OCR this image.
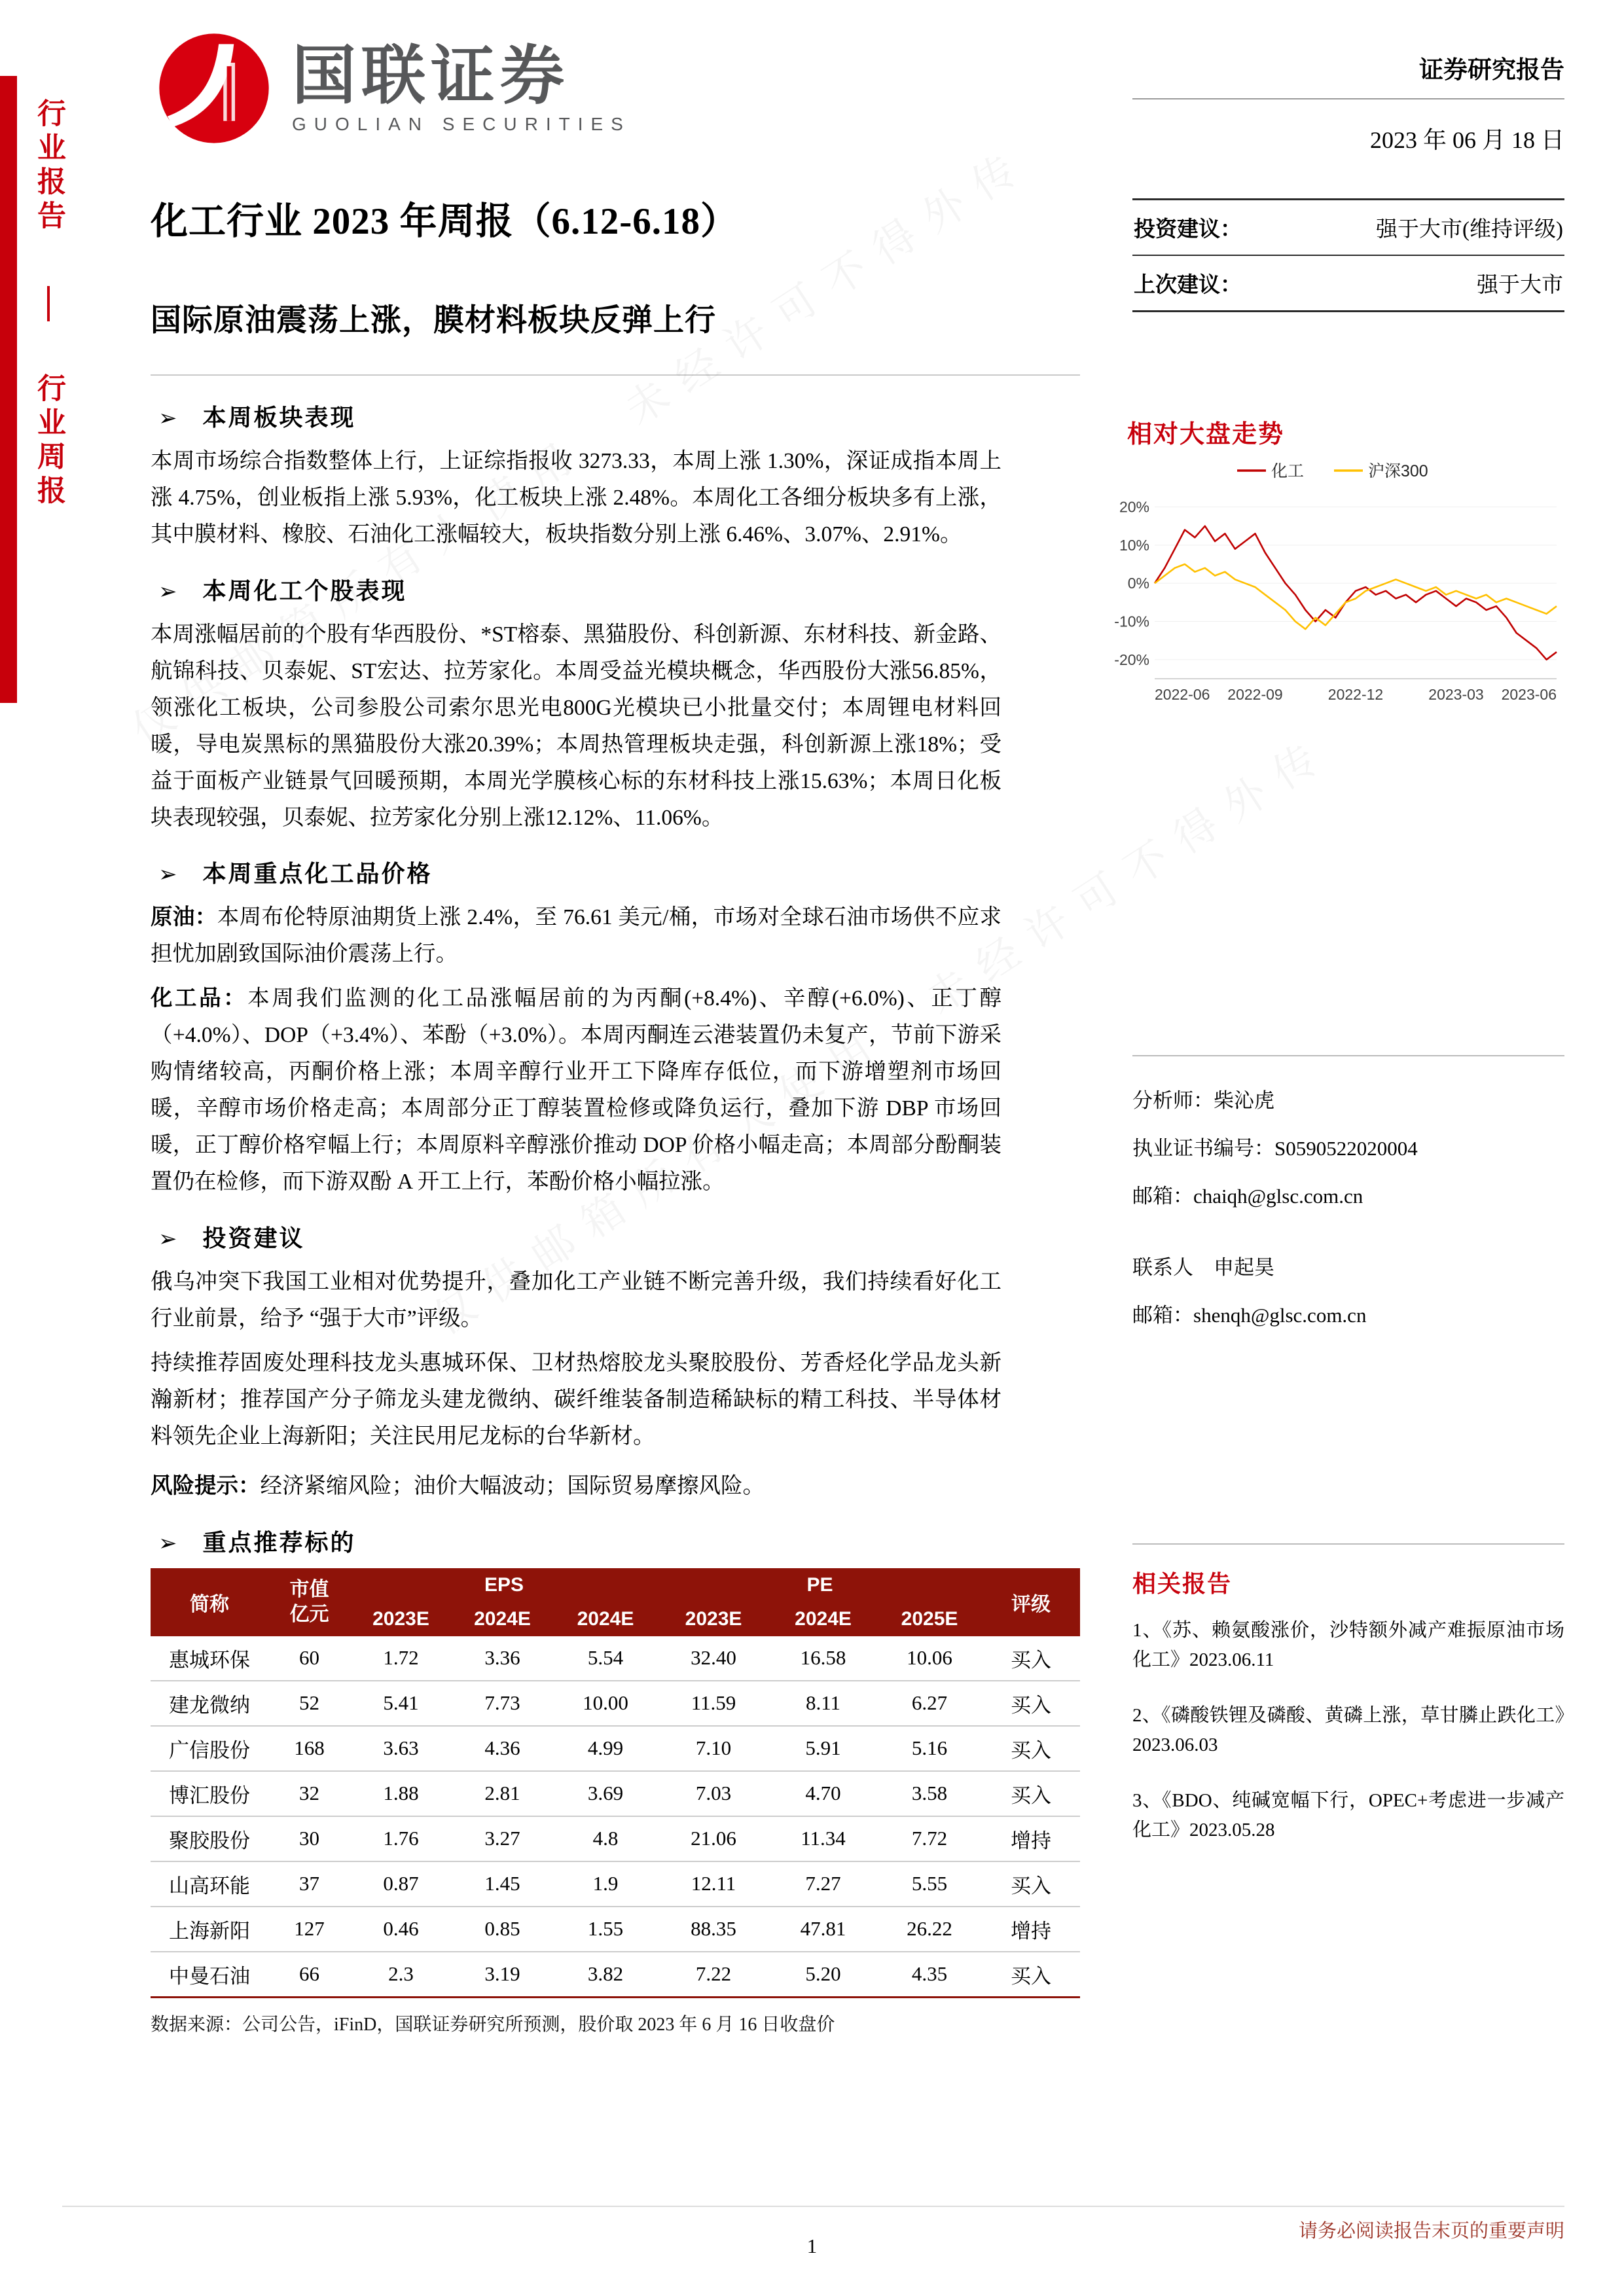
行业报告  行业周报
国联证券
GUOLIAN SECURITIES
证券研究报告
2023 年 06 月 18 日
化工行业 2023 年周报（6.12-6.18）	投资建议：	强于大市(维持评级)
上次建议：	强于大市
国际原油震荡上涨，膜材料板块反弹上行
➢ 本周板块表现

本周市场综合指数整体上行，上证综指报收 3273.33，本周上涨 1.30%，深证成指本周上涨 4.75%，创业板指上涨 5.93%，化工板块上涨 2.48%。本周化工各细分板块多有上涨，其中膜材料、橡胶、石油化工涨幅较大，板块指数分别上涨 6.46%、3.07%、2.91%。

➢ 本周化工个股表现

本周涨幅居前的个股有华西股份、*ST榕泰、黑猫股份、科创新源、东材科技、新金路、航锦科技、贝泰妮、ST宏达、拉芳家化。本周受益光模块概念，华西股份大涨56.85%，领涨化工板块，公司参股公司索尔思光电800G光模块已小批量交付；本周锂电材料回暖，导电炭黑标的黑猫股份大涨20.39%；本周热管理板块走强，科创新源上涨18%；受益于面板产业链景气回暖预期，本周光学膜核心标的东材科技上涨15.63%；本周日化板块表现较强，贝泰妮、拉芳家化分别上涨12.12%、11.06%。

➢ 本周重点化工品价格

原油：本周布伦特原油期货上涨 2.4%，至 76.61 美元/桶，市场对全球石油市场供不应求担忧加剧致国际油价震荡上行。

化工品：本周我们监测的化工品涨幅居前的为丙酮(+8.4%)、辛醇(+6.0%)、正丁醇（+4.0%）、DOP（+3.4%）、苯酚（+3.0%）。本周丙酮连云港装置仍未复产，节前下游采购情绪较高，丙酮价格上涨；本周辛醇行业开工下降库存低位，而下游增塑剂市场回暖，辛醇市场价格走高；本周部分正丁醇装置检修或降负运行，叠加下游 DBP 市场回暖，正丁醇价格窄幅上行；本周原料辛醇涨价推动 DOP 价格小幅走高；本周部分酚酮装置仍在检修，而下游双酚 A 开工上行，苯酚价格小幅拉涨。

➢ 投资建议

俄乌冲突下我国工业相对优势提升，叠加化工产业链不断完善升级，我们持续看好化工行业前景，给予 “强于大市”评级。

持续推荐固废处理科技龙头惠城环保、卫材热熔胶龙头聚胶股份、芳香烃化学品龙头新瀚新材；推荐国产分子筛龙头建龙微纳、碳纤维装备制造稀缺标的精工科技、半导体材料领先企业上海新阳；关注民用尼龙标的台华新材。

风险提示：经济紧缩风险；油价大幅波动；国际贸易摩擦风险。

➢ 重点推荐标的
简称	市值
亿元	EPS			PE			评级
		2023E	2024E	2024E	2023E	2024E	2025E	
惠城环保	60	1.72	3.36	5.54	32.40	16.58	10.06	买入
建龙微纳	52	5.41	7.73	10.00	11.59	8.11	6.27	买入
广信股份	168	3.63	4.36	4.99	7.10	5.91	5.16	买入
博汇股份	32	1.88	2.81	3.69	7.03	4.70	3.58	买入
聚胶股份	30	1.76	3.27	4.8	21.06	11.34	7.72	增持
山高环能	37	0.87	1.45	1.9	12.11	7.27	5.55	买入
上海新阳	127	0.46	0.85	1.55	88.35	47.81	26.22	增持
中曼石油	66	2.3	3.19	3.82	7.22	5.20	4.35	买入
数据来源：公司公告，iFinD，国联证券研究所预测，股价取 2023 年 6 月 16 日收盘价
相对大盘走势
20%
10%
0%
-10%
-20%
2022-06 2022-09	2022-12	2023-03 2023-06
化工	沪深300
分析师：柴沁虎
执业证书编号：S0590522020004
邮箱：chaiqh@glsc.com.cn
联系人　申起昊
邮箱：shenqh@glsc.com.cn
相关报告
1、《苏、赖氨酸涨价，沙特额外减产难振原油市场化工》2023.06.11
2、《磷酸铁锂及磷酸、黄磷上涨，草甘膦止跌化工》2023.06.03
3、《BDO、纯碱宽幅下行，OPEC+考虑进一步减产化工》2023.05.28
请务必阅读报告末页的重要声明
1
